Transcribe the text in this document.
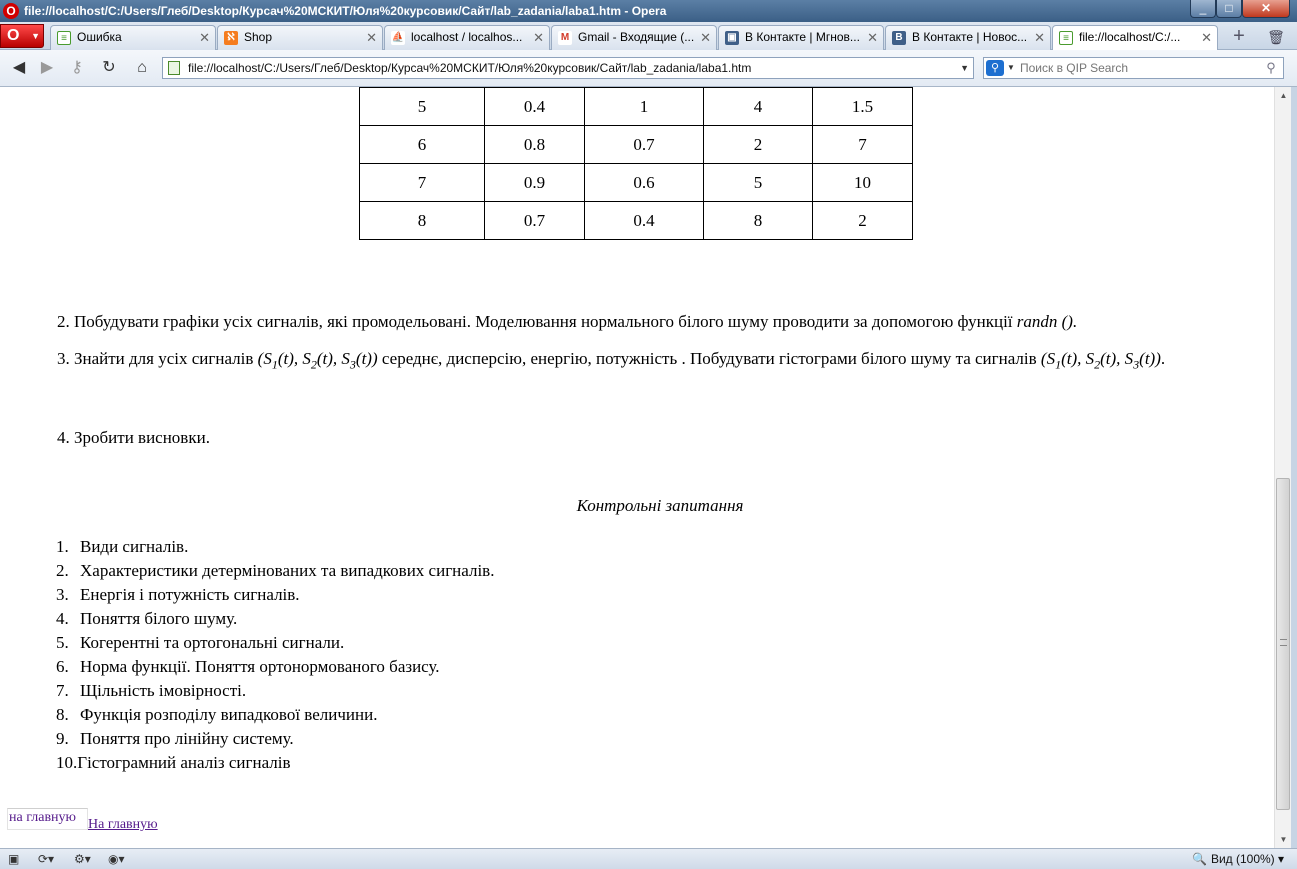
O file://localhost/C:/Users/Глеб/Desktop/Курсач%20МСКИТ/Юля%20курсовик/Сайт/lab_zadania/laba1.htm - Opera	_	□	✕
O ▼	≡ Ошибка	✕	ℵ Shop	✕ ⛵ localhost / localhos... ✕ M Gmail - Входящие (... ✕ ▣ В Контакте | Мгнов... ✕	B В Контакте | Новос... ✕	≡ file://localhost/C:/...	✕	+	🗑
◀ ▶	⚷	↻	⌂	file://localhost/C:/Users/Глеб/Desktop/Курсач%20МСКИТ/Юля%20курсовик/Сайт/lab_zadania/laba1.htm	▼	⚲ ▼
Поиск в QIP Search	⚲

5	0.4	1	4	1.5
6	0.8	0.7	2	7
7	0.9	0.6	5	10
8	0.7	0.4	8	2

2. Побудувати графіки усіх сигналів, які промодельовані. Моделювання нормального білого шуму проводити за допомогою функції randn ().

3. Знайти для усіх сигналів ($S_1(t)$, $S_2(t)$, $S_3(t)$) середнє, дисперсію, енергію, потужність . Побудувати гістограми білого шуму та сигналів ($S_1(t)$, $S_2(t)$, $S_3(t)$).

4. Зробити висновки.

Контрольні запитання
1. Види сигналів.
2. Характеристики детермінованих та випадкових сигналів.
3. Енергія і потужність сигналів.
4. Поняття білого шуму.
5. Когерентні та ортогональні сигнали.
6. Норма функції. Поняття ортонормованого базису.
7. Щільність імовірності.
8. Функція розподілу випадкової величини.
9. Поняття про лінійну систему.
10.Гістограмний аналіз сигналів
на главную На главную
▲
▼
▣ ⟳▾ ⚙▾ ◉▾	🔍 Вид (100%) ▾
